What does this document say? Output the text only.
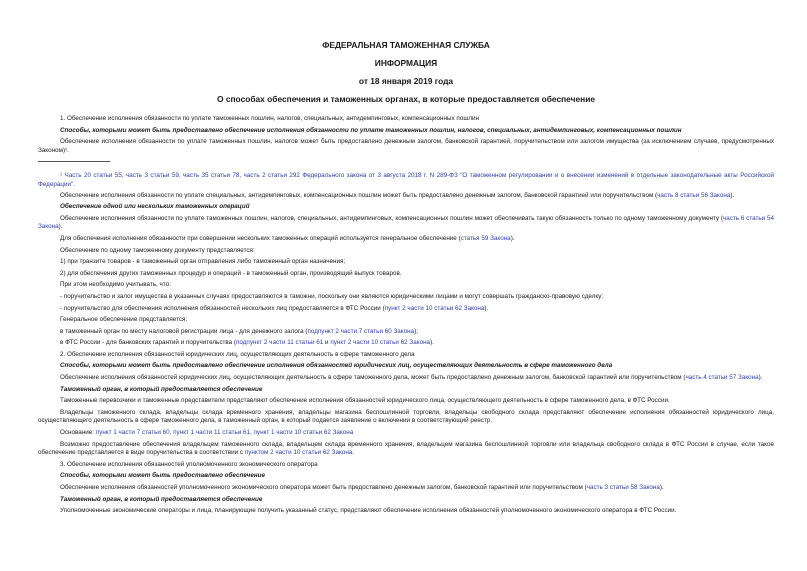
ФЕДЕРАЛЬНАЯ ТАМОЖЕННАЯ СЛУЖБА
ИНФОРМАЦИЯ
от 18 января 2019 года
О способах обеспечения и таможенных органах, в которые предоставляется обеспечение

1. Обеспечение исполнения обязанности по уплате таможенных пошлин, налогов, специальных, антидемпинговых, компенсационных пошлин

Способы, которыми может быть предоставлено обеспечение исполнения обязанности по уплате таможенных пошлин, налогов, специальных, антидемпинговых, компенсационных пошлин

Обеспечение исполнения обязанности по уплате таможенных пошлин, налогов может быть предоставлено денежным залогом, банковской гарантией, поручительством или залогом имущества (за исключением случаев, предусмотренных Законом)¹.

¹ Часть 20 статьи 55, часть 3 статьи 59, часть 35 статьи 78, часть 2 статьи 292 Федерального закона от 3 августа 2018 г. N 289-ФЗ "О таможенном регулировании и о внесении изменений в отдельные законодательные акты Российской Федерации".

Обеспечение исполнения обязанности по уплате специальных, антидемпинговых, компенсационных пошлин может быть предоставлено денежным залогом, банковской гарантией или поручительством (часть 8 статьи 56 Закона).

Обеспечение одной или нескольких таможенных операций

Обеспечение исполнения обязанности по уплате таможенных пошлин, налогов, специальных, антидемпинговых, компенсационных пошлин может обеспечивать такую обязанность только по одному таможенному документу (часть 6 статьи 54 Закона).

Для обеспечения исполнения обязанности при совершении нескольких таможенных операций используется генеральное обеспечение (статья 59 Закона).

Обеспечение по одному таможенному документу представляется:

1) при транзите товаров - в таможенный орган отправления либо таможенный орган назначения;

2) для обеспечения других таможенных процедур и операций - в таможенный орган, производящий выпуск товаров.

При этом необходимо учитывать, что:

- поручительство и залог имущества в указанных случаях предоставляются в таможни, поскольку они являются юридическими лицами и могут совершать гражданско-правовую сделку;

- поручительство для обеспечения исполнения обязанностей нескольких лиц предоставляется в ФТС России (пункт 2 части 10 статьи 62 Закона).

Генеральное обеспечение представляется:

в таможенный орган по месту налоговой регистрации лица - для денежного залога (подпункт 2 части 7 статьи 60 Закона);

в ФТС России - для банковских гарантий и поручительства (подпункт 2 части 11 статьи 61 и пункт 2 части 10 статьи 62 Закона).

2. Обеспечение исполнения обязанностей юридических лиц, осуществляющих деятельность в сфере таможенного дела

Способы, которыми может быть предоставлено обеспечение исполнения обязанностей юридических лиц, осуществляющих деятельность в сфере таможенного дела

Обеспечение исполнения обязанностей юридических лиц, осуществляющих деятельность в сфере таможенного дела, может быть предоставлено денежным залогом, банковской гарантией или поручительством (часть 4 статьи 57 Закона).

Таможенный орган, в который предоставляется обеспечение

Таможенные перевозчики и таможенные представители представляют обеспечение исполнения обязанностей юридического лица, осуществляющего деятельность в сфере таможенного дела, в ФТС России.

Владельцы таможенного склада, владельцы склада временного хранения, владельцы магазина беспошлинной торговли, владельцы свободного склада представляют обеспечение исполнения обязанностей юридического лица, осуществляющего деятельность в сфере таможенного дела, в таможенный орган, в который подается заявление о включении в соответствующий реестр.

Основание: пункт 1 части 7 статьи 60, пункт 1 части 11 статьи 61, пункт 1 части 10 статьи 62 Закона

Возможно предоставление обеспечения владельцем таможенного склада, владельцем склада временного хранения, владельцем магазина беспошлинной торговли или владельца свободного склада в ФТС России в случае, если такое обеспечение представляется в виде поручительства в соответствии с пунктом 2 части 10 статьи 62 Закона.

3. Обеспечение исполнения обязанностей уполномоченного экономического оператора

Способы, которыми может быть предоставлено обеспечение

Обеспечение исполнения обязанностей уполномоченного экономического оператора может быть предоставлено денежным залогом, банковской гарантией или поручительством (часть 3 статьи 58 Закона).

Таможенный орган, в который предоставляется обеспечение

Уполномоченные экономические операторы и лица, планирующие получить указанный статус, представляют обеспечение исполнения обязанностей уполномоченного экономического оператора в ФТС России.
